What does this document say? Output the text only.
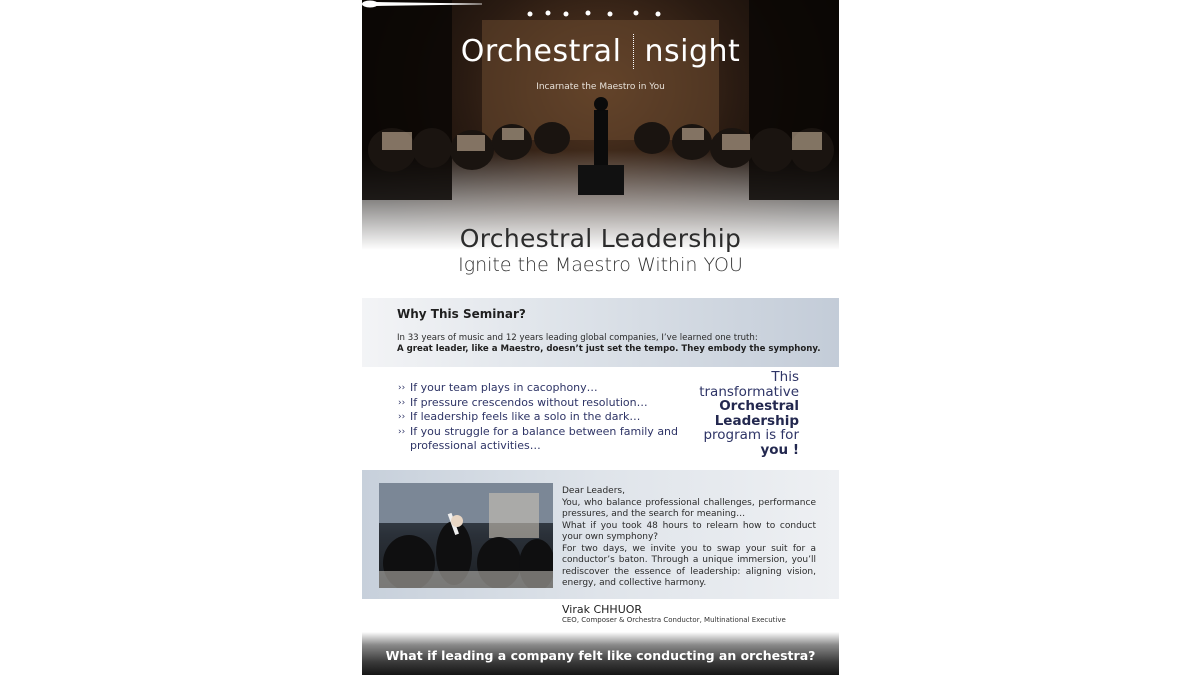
Orchestral  nsight
Incarnate the Maestro in You
Orchestral Leadership
Ignite the Maestro Within YOU
Why This Seminar?
In 33 years of music and 12 years leading global companies, I’ve learned one truth:
A great leader, like a Maestro, doesn’t just set the tempo. They embody the symphony.
›› If your team plays in cacophony…
›› If pressure crescendos without resolution…
›› If leadership feels like a solo in the dark…
›› If you struggle for a balance between family and professional activities…
This
transformative
Orchestral
Leadership
program is for
you !

Dear Leaders,

You, who balance professional challenges, performance pressures, and the search for meaning…

What if you took 48 hours to relearn how to conduct your own symphony?

For two days, we invite you to swap your suit for a conductor’s baton. Through a unique immersion, you’ll rediscover the essence of leadership: aligning vision, energy, and collective harmony.

Virak CHHUOR
CEO, Composer & Orchestra Conductor, Multinational Executive
What if leading a company felt like conducting an orchestra?
